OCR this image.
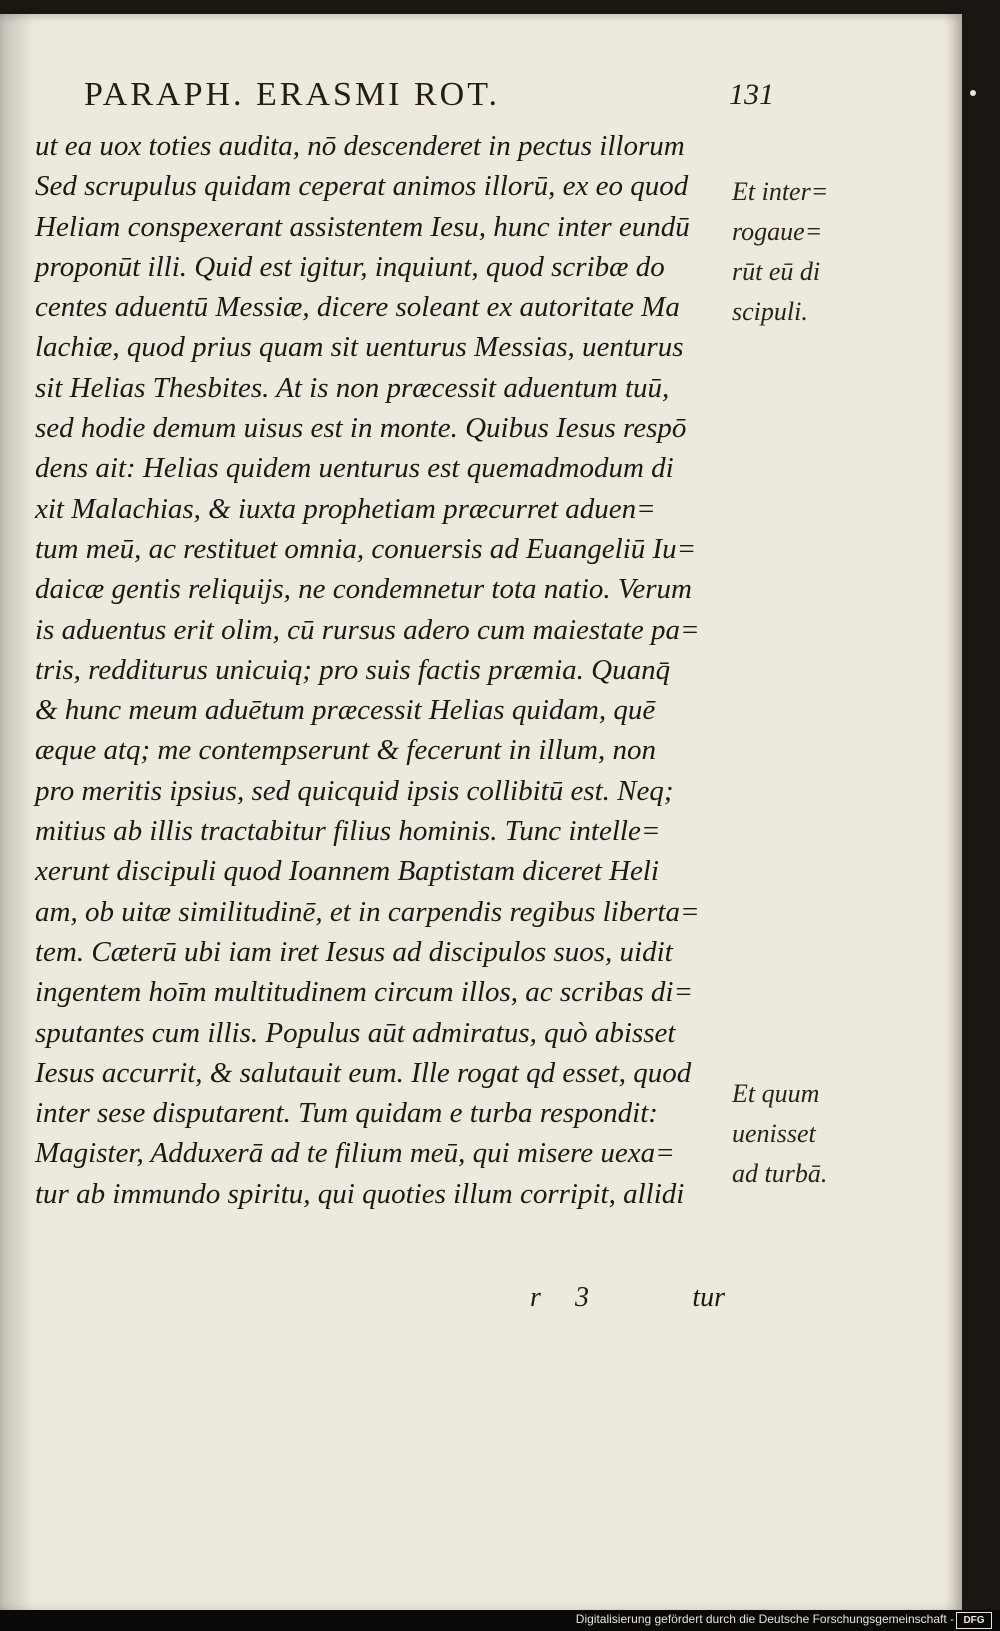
PARAPH. ERASMI ROT.	131
ut ea uox toties audita, nō descenderet in pectus illorum
Sed scrupulus quidam ceperat animos illorū, ex eo quod
Heliam conspexerant assistentem Iesu, hunc inter eundū
proponūt illi. Quid est igitur, inquiunt, quod scribæ do
centes aduentū Messiæ, dicere soleant ex autoritate Ma
lachiæ, quod prius quam sit uenturus Messias, uenturus
sit Helias Thesbites. At is non præcessit aduentum tuū,
sed hodie demum uisus est in monte. Quibus Iesus respō
dens ait: Helias quidem uenturus est quemadmodum di
xit Malachias, & iuxta prophetiam præcurret aduen=
tum meū, ac restituet omnia, conuersis ad Euangeliū Iu=
daicæ gentis reliquijs, ne condemnetur tota natio. Verum
is aduentus erit olim, cū rursus adero cum maiestate pa=
tris, redditurus unicuiq; pro suis factis præmia. Quanq̄
& hunc meum aduētum præcessit Helias quidam, quē
æque atq; me contempserunt & fecerunt in illum, non
pro meritis ipsius, sed quicquid ipsis collibitū est. Neq;
mitius ab illis tractabitur filius hominis. Tunc intelle=
xerunt discipuli quod Ioannem Baptistam diceret Heli
am, ob uitæ similitudinē, et in carpendis regibus liberta=
tem. Cæterū ubi iam iret Iesus ad discipulos suos, uidit
ingentem hoīm multitudinem circum illos, ac scribas di=
sputantes cum illis. Populus aūt admiratus, quò abisset
Iesus accurrit, & salutauit eum. Ille rogat qd esset, quod
inter sese disputarent. Tum quidam e turba respondit:
Magister, Adduxerā ad te filium meū, qui misere uexa=
tur ab immundo spiritu, qui quoties illum corripit, allidi
r 3	tur
Et inter=
rogaue=
rūt eū di
scipuli.
Et quum
uenisset
ad turbā.
Digitalisierung gefördert durch die Deutsche Forschungsgemeinschaft - DFG
